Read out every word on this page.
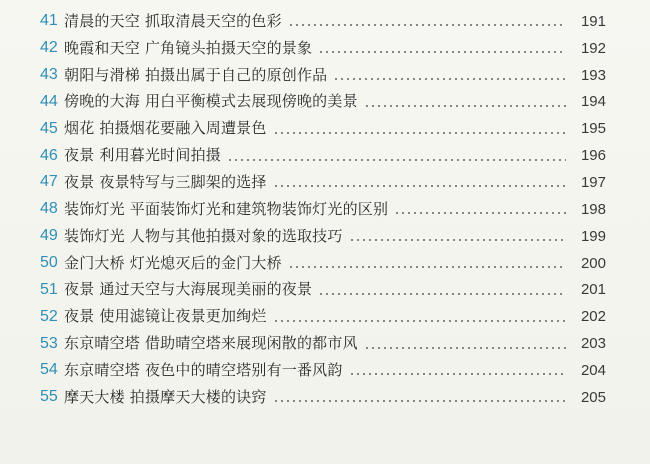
41 清晨的天空 抓取清晨天空的色彩	191
42 晚霞和天空 广角镜头拍摄天空的景象	192
43 朝阳与滑梯 拍摄出属于自己的原创作品	193
44 傍晚的大海 用白平衡模式去展现傍晚的美景	194
45 烟花 拍摄烟花要融入周遭景色	195
46 夜景 利用暮光时间拍摄	196
47 夜景 夜景特写与三脚架的选择	197
48 装饰灯光 平面装饰灯光和建筑物装饰灯光的区别	198
49 装饰灯光 人物与其他拍摄对象的选取技巧	199
50 金门大桥 灯光熄灭后的金门大桥	200
51 夜景 通过天空与大海展现美丽的夜景	201
52 夜景 使用滤镜让夜景更加绚烂	202
53 东京晴空塔 借助晴空塔来展现闲散的都市风	203
54 东京晴空塔 夜色中的晴空塔别有一番风韵	204
55 摩天大楼 拍摄摩天大楼的诀窍	205
